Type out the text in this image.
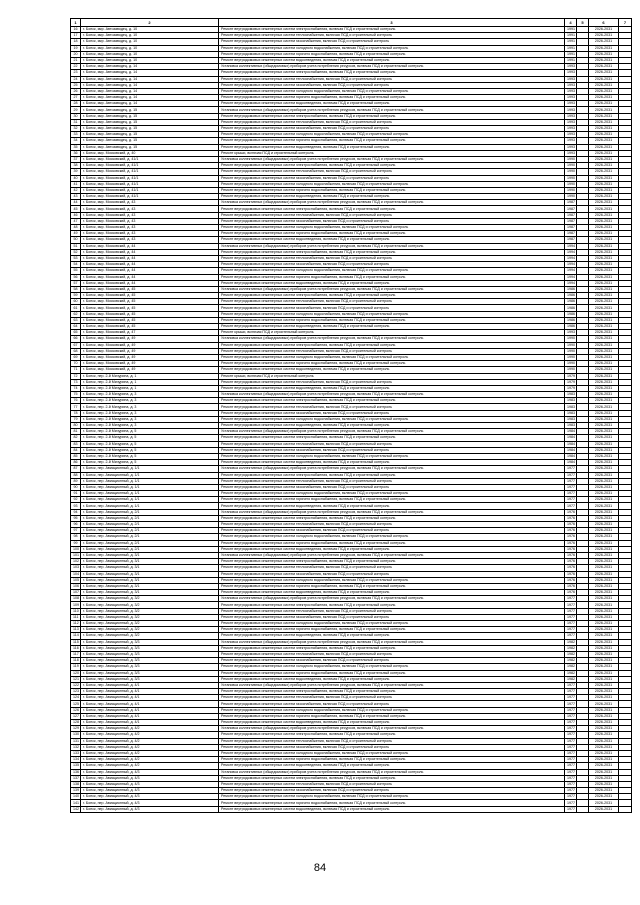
1	2	3	4	5	6	7
16	г. Бонск, мкр. Автозаводец, д. 10	Ремонт внутридомовых инженерных систем электроснабжения, включая ПСД и строительный контроль	1991		2026-2031	
17	г. Бонск, мкр. Автозаводец, д. 10	Ремонт внутридомовых инженерных систем теплоснабжения, включая ПСД и строительный контроль	1991		2026-2031	
18	г. Бонск, мкр. Автозаводец, д. 10	Ремонт внутридомовых инженерных систем газоснабжения, включая ПСД и строительный контроль	1991		2026-2031	
19	г. Бонск, мкр. Автозаводец, д. 10	Ремонт внутридомовых инженерных систем холодного водоснабжения, включая ПСД и строительный контроль	1991		2026-2031	
20	г. Бонск, мкр. Автозаводец, д. 10	Ремонт внутридомовых инженерных систем горячего водоснабжения, включая ПСД и строительный контроль	1991		2026-2031	
21	г. Бонск, мкр. Автозаводец, д. 10	Ремонт внутридомовых инженерных систем водоотведения, включая ПСД и строительный контроль	1991		2026-2031	
22	г. Бонск, мкр. Автозаводец, д. 14	Установка коллективных (общедомовых) приборов учета потребления ресурсов, включая ПСД и строительный контроль	1993		2026-2031	
23	г. Бонск, мкр. Автозаводец, д. 14	Ремонт внутридомовых инженерных систем электроснабжения, включая ПСД и строительный контроль	1993		2026-2031	
24	г. Бонск, мкр. Автозаводец, д. 14	Ремонт внутридомовых инженерных систем теплоснабжения, включая ПСД и строительный контроль	1993		2026-2031	
25	г. Бонск, мкр. Автозаводец, д. 14	Ремонт внутридомовых инженерных систем газоснабжения, включая ПСД и строительный контроль	1993		2026-2031	
26	г. Бонск, мкр. Автозаводец, д. 14	Ремонт внутридомовых инженерных систем холодного водоснабжения, включая ПСД и строительный контроль	1993		2026-2031	
27	г. Бонск, мкр. Автозаводец, д. 14	Ремонт внутридомовых инженерных систем горячего водоснабжения, включая ПСД и строительный контроль	1993		2026-2031	
28	г. Бонск, мкр. Автозаводец, д. 14	Ремонт внутридомовых инженерных систем водоотведения, включая ПСД и строительный контроль	1993		2026-2031	
29	г. Бонск, мкр. Автозаводец, д. 15	Установка коллективных (общедомовых) приборов учета потребления ресурсов, включая ПСД и строительный контроль	1993		2026-2031	
30	г. Бонск, мкр. Автозаводец, д. 15	Ремонт внутридомовых инженерных систем электроснабжения, включая ПСД и строительный контроль	1993		2026-2031	
31	г. Бонск, мкр. Автозаводец, д. 15	Ремонт внутридомовых инженерных систем теплоснабжения, включая ПСД и строительный контроль	1993		2026-2031	
32	г. Бонск, мкр. Автозаводец, д. 15	Ремонт внутридомовых инженерных систем газоснабжения, включая ПСД и строительный контроль	1993		2026-2031	
33	г. Бонск, мкр. Автозаводец, д. 15	Ремонт внутридомовых инженерных систем холодного водоснабжения, включая ПСД и строительный контроль	1993		2026-2031	
34	г. Бонск, мкр. Автозаводец, д. 15	Ремонт внутридомовых инженерных систем горячего водоснабжения, включая ПСД и строительный контроль	1993		2026-2031	
35	г. Бонск, мкр. Автозаводец, д. 15	Ремонт внутридомовых инженерных систем водоотведения, включая ПСД и строительный контроль	1993		2026-2031	
36	г. Бонск, мкр. Московский, д. 40	Ремонт крыши, включая ПСД и строительный контроль	1993		2026-2031	
37	г. Бонск, мкр. Московский, д. 41/1	Установка коллективных (общедомовых) приборов учета потребления ресурсов, включая ПСД и строительный контроль	1990		2026-2031	
38	г. Бонск, мкр. Московский, д. 41/1	Ремонт внутридомовых инженерных систем электроснабжения, включая ПСД и строительный контроль	1990		2026-2031	
39	г. Бонск, мкр. Московский, д. 41/1	Ремонт внутридомовых инженерных систем теплоснабжения, включая ПСД и строительный контроль	1990		2026-2031	
40	г. Бонск, мкр. Московский, д. 41/1	Ремонт внутридомовых инженерных систем газоснабжения, включая ПСД и строительный контроль	1990		2026-2031	
41	г. Бонск, мкр. Московский, д. 41/1	Ремонт внутридомовых инженерных систем холодного водоснабжения, включая ПСД и строительный контроль	1990		2026-2031	
42	г. Бонск, мкр. Московский, д. 41/1	Ремонт внутридомовых инженерных систем горячего водоснабжения, включая ПСД и строительный контроль	1990		2026-2031	
43	г. Бонск, мкр. Московский, д. 41/1	Ремонт внутридомовых инженерных систем водоотведения, включая ПСД и строительный контроль	1990		2026-2031	
44	г. Бонск, мкр. Московский, д. 43	Установка коллективных (общедомовых) приборов учета потребления ресурсов, включая ПСД и строительный контроль	1987		2026-2031	
45	г. Бонск, мкр. Московский, д. 43	Ремонт внутридомовых инженерных систем электроснабжения, включая ПСД и строительный контроль	1987		2026-2031	
46	г. Бонск, мкр. Московский, д. 43	Ремонт внутридомовых инженерных систем теплоснабжения, включая ПСД и строительный контроль	1987		2026-2031	
47	г. Бонск, мкр. Московский, д. 43	Ремонт внутридомовых инженерных систем газоснабжения, включая ПСД и строительный контроль	1987		2026-2031	
48	г. Бонск, мкр. Московский, д. 43	Ремонт внутридомовых инженерных систем холодного водоснабжения, включая ПСД и строительный контроль	1987		2026-2031	
49	г. Бонск, мкр. Московский, д. 43	Ремонт внутридомовых инженерных систем горячего водоснабжения, включая ПСД и строительный контроль	1987		2026-2031	
50	г. Бонск, мкр. Московский, д. 43	Ремонт внутридомовых инженерных систем водоотведения, включая ПСД и строительный контроль	1987		2026-2031	
51	г. Бонск, мкр. Московский, д. 44	Установка коллективных (общедомовых) приборов учета потребления ресурсов, включая ПСД и строительный контроль	1994		2026-2031	
52	г. Бонск, мкр. Московский, д. 44	Ремонт внутридомовых инженерных систем электроснабжения, включая ПСД и строительный контроль	1994		2026-2031	
53	г. Бонск, мкр. Московский, д. 44	Ремонт внутридомовых инженерных систем теплоснабжения, включая ПСД и строительный контроль	1994		2026-2031	
54	г. Бонск, мкр. Московский, д. 44	Ремонт внутридомовых инженерных систем газоснабжения, включая ПСД и строительный контроль	1994		2026-2031	
55	г. Бонск, мкр. Московский, д. 44	Ремонт внутридомовых инженерных систем холодного водоснабжения, включая ПСД и строительный контроль	1994		2026-2031	
56	г. Бонск, мкр. Московский, д. 44	Ремонт внутридомовых инженерных систем горячего водоснабжения, включая ПСД и строительный контроль	1994		2026-2031	
57	г. Бонск, мкр. Московский, д. 44	Ремонт внутридомовых инженерных систем водоотведения, включая ПСД и строительный контроль	1994		2026-2031	
58	г. Бонск, мкр. Московский, д. 45	Установка коллективных (общедомовых) приборов учета потребления ресурсов, включая ПСД и строительный контроль	1986		2026-2031	
59	г. Бонск, мкр. Московский, д. 45	Ремонт внутридомовых инженерных систем электроснабжения, включая ПСД и строительный контроль	1986		2026-2031	
60	г. Бонск, мкр. Московский, д. 45	Ремонт внутридомовых инженерных систем теплоснабжения, включая ПСД и строительный контроль	1986		2026-2031	
61	г. Бонск, мкр. Московский, д. 45	Ремонт внутридомовых инженерных систем газоснабжения, включая ПСД и строительный контроль	1986		2026-2031	
62	г. Бонск, мкр. Московский, д. 45	Ремонт внутридомовых инженерных систем холодного водоснабжения, включая ПСД и строительный контроль	1986		2026-2031	
63	г. Бонск, мкр. Московский, д. 45	Ремонт внутридомовых инженерных систем горячего водоснабжения, включая ПСД и строительный контроль	1986		2026-2031	
64	г. Бонск, мкр. Московский, д. 45	Ремонт внутридомовых инженерных систем водоотведения, включая ПСД и строительный контроль	1986		2026-2031	
65	г. Бонск, мкр. Московский, д. 47	Ремонт крыши, включая ПСД и строительный контроль	1993		2026-2031	
66	г. Бонск, мкр. Московский, д. 49	Установка коллективных (общедомовых) приборов учета потребления ресурсов, включая ПСД и строительный контроль	1990		2026-2031	
67	г. Бонск, мкр. Московский, д. 49	Ремонт внутридомовых инженерных систем электроснабжения, включая ПСД и строительный контроль	1990		2026-2031	
68	г. Бонск, мкр. Московский, д. 49	Ремонт внутридомовых инженерных систем теплоснабжения, включая ПСД и строительный контроль	1990		2026-2031	
69	г. Бонск, мкр. Московский, д. 49	Ремонт внутридомовых инженерных систем холодного водоснабжения, включая ПСД и строительный контроль	1990		2026-2031	
70	г. Бонск, мкр. Московский, д. 49	Ремонт внутридомовых инженерных систем горячего водоснабжения, включая ПСД и строительный контроль	1990		2026-2031	
71	г. Бонск, мкр. Московский, д. 49	Ремонт внутридомовых инженерных систем водоотведения, включая ПСД и строительный контроль	1990		2026-2031	
72	г. Бонск, пер. 2-й Мичурина, д. 1	Ремонт крыши, включая ПСД и строительный контроль	1979		2026-2031	
73	г. Бонск, пер. 2-й Мичурина, д. 1	Ремонт внутридомовых инженерных систем теплоснабжения, включая ПСД и строительный контроль	1979		2026-2031	
74	г. Бонск, пер. 2-й Мичурина, д. 1	Ремонт внутридомовых инженерных систем водоотведения, включая ПСД и строительный контроль	1979		2026-2031	
75	г. Бонск, пер. 2-й Мичурина, д. 3	Установка коллективных (общедомовых) приборов учета потребления ресурсов, включая ПСД и строительный контроль	1983		2026-2031	
76	г. Бонск, пер. 2-й Мичурина, д. 3	Ремонт внутридомовых инженерных систем электроснабжения, включая ПСД и строительный контроль	1983		2026-2031	
77	г. Бонск, пер. 2-й Мичурина, д. 3	Ремонт внутридомовых инженерных систем теплоснабжения, включая ПСД и строительный контроль	1983		2026-2031	
78	г. Бонск, пер. 2-й Мичурина, д. 3	Ремонт внутридомовых инженерных систем газоснабжения, включая ПСД и строительный контроль	1983		2026-2031	
79	г. Бонск, пер. 2-й Мичурина, д. 3	Ремонт внутридомовых инженерных систем холодного водоснабжения, включая ПСД и строительный контроль	1983		2026-2031	
80	г. Бонск, пер. 2-й Мичурина, д. 3	Ремонт внутридомовых инженерных систем водоотведения, включая ПСД и строительный контроль	1983		2026-2031	
81	г. Бонск, пер. 2-й Мичурина, д. 5	Установка коллективных (общедомовых) приборов учета потребления ресурсов, включая ПСД и строительный контроль	1984		2026-2031	
82	г. Бонск, пер. 2-й Мичурина, д. 5	Ремонт внутридомовых инженерных систем электроснабжения, включая ПСД и строительный контроль	1984		2026-2031	
83	г. Бонск, пер. 2-й Мичурина, д. 5	Ремонт внутридомовых инженерных систем теплоснабжения, включая ПСД и строительный контроль	1984		2026-2031	
84	г. Бонск, пер. 2-й Мичурина, д. 5	Ремонт внутридомовых инженерных систем газоснабжения, включая ПСД и строительный контроль	1984		2026-2031	
85	г. Бонск, пер. 2-й Мичурина, д. 5	Ремонт внутридомовых инженерных систем холодного водоснабжения, включая ПСД и строительный контроль	1984		2026-2031	
86	г. Бонск, пер. 2-й Мичурина, д. 5	Ремонт внутридомовых инженерных систем водоотведения, включая ПСД и строительный контроль	1984		2026-2031	
87	г. Бонск, пер. Авиационный, д. 1/1	Установка коллективных (общедомовых) приборов учета потребления ресурсов, включая ПСД и строительный контроль	1977		2026-2031	
88	г. Бонск, пер. Авиационный, д. 1/1	Ремонт внутридомовых инженерных систем электроснабжения, включая ПСД и строительный контроль	1977		2026-2031	
89	г. Бонск, пер. Авиационный, д. 1/1	Ремонт внутридомовых инженерных систем теплоснабжения, включая ПСД и строительный контроль	1977		2026-2031	
90	г. Бонск, пер. Авиационный, д. 1/1	Ремонт внутридомовых инженерных систем газоснабжения, включая ПСД и строительный контроль	1977		2026-2031	
91	г. Бонск, пер. Авиационный, д. 1/1	Ремонт внутридомовых инженерных систем холодного водоснабжения, включая ПСД и строительный контроль	1977		2026-2031	
92	г. Бонск, пер. Авиационный, д. 1/1	Ремонт внутридомовых инженерных систем горячего водоснабжения, включая ПСД и строительный контроль	1977		2026-2031	
93	г. Бонск, пер. Авиационный, д. 1/1	Ремонт внутридомовых инженерных систем водоотведения, включая ПСД и строительный контроль	1977		2026-2031	
94	г. Бонск, пер. Авиационный, д. 2/1	Установка коллективных (общедомовых) приборов учета потребления ресурсов, включая ПСД и строительный контроль	1976		2026-2031	
95	г. Бонск, пер. Авиационный, д. 2/1	Ремонт внутридомовых инженерных систем электроснабжения, включая ПСД и строительный контроль	1976		2026-2031	
96	г. Бонск, пер. Авиационный, д. 2/1	Ремонт внутридомовых инженерных систем теплоснабжения, включая ПСД и строительный контроль	1976		2026-2031	
97	г. Бонск, пер. Авиационный, д. 2/1	Ремонт внутридомовых инженерных систем газоснабжения, включая ПСД и строительный контроль	1976		2026-2031	
98	г. Бонск, пер. Авиационный, д. 2/1	Ремонт внутридомовых инженерных систем холодного водоснабжения, включая ПСД и строительный контроль	1976		2026-2031	
99	г. Бонск, пер. Авиационный, д. 2/1	Ремонт внутридомовых инженерных систем горячего водоснабжения, включая ПСД и строительный контроль	1976		2026-2031	
100	г. Бонск, пер. Авиационный, д. 2/1	Ремонт внутридомовых инженерных систем водоотведения, включая ПСД и строительный контроль	1976		2026-2031	
101	г. Бонск, пер. Авиационный, д. 3/1	Установка коллективных (общедомовых) приборов учета потребления ресурсов, включая ПСД и строительный контроль	1976		2026-2031	
102	г. Бонск, пер. Авиационный, д. 3/1	Ремонт внутридомовых инженерных систем электроснабжения, включая ПСД и строительный контроль	1976		2026-2031	
103	г. Бонск, пер. Авиационный, д. 3/1	Ремонт внутридомовых инженерных систем теплоснабжения, включая ПСД и строительный контроль	1976		2026-2031	
104	г. Бонск, пер. Авиационный, д. 3/1	Ремонт внутридомовых инженерных систем газоснабжения, включая ПСД и строительный контроль	1976		2026-2031	
105	г. Бонск, пер. Авиационный, д. 3/1	Ремонт внутридомовых инженерных систем холодного водоснабжения, включая ПСД и строительный контроль	1976		2026-2031	
106	г. Бонск, пер. Авиационный, д. 3/1	Ремонт внутридомовых инженерных систем горячего водоснабжения, включая ПСД и строительный контроль	1976		2026-2031	
107	г. Бонск, пер. Авиационный, д. 3/1	Ремонт внутридомовых инженерных систем водоотведения, включая ПСД и строительный контроль	1976		2026-2031	
108	г. Бонск, пер. Авиационный, д. 3/2	Установка коллективных (общедомовых) приборов учета потребления ресурсов, включая ПСД и строительный контроль	1977		2026-2031	
109	г. Бонск, пер. Авиационный, д. 3/2	Ремонт внутридомовых инженерных систем электроснабжения, включая ПСД и строительный контроль	1977		2026-2031	
110	г. Бонск, пер. Авиационный, д. 3/2	Ремонт внутридомовых инженерных систем теплоснабжения, включая ПСД и строительный контроль	1977		2026-2031	
111	г. Бонск, пер. Авиационный, д. 3/2	Ремонт внутридомовых инженерных систем газоснабжения, включая ПСД и строительный контроль	1977		2026-2031	
112	г. Бонск, пер. Авиационный, д. 3/2	Ремонт внутридомовых инженерных систем холодного водоснабжения, включая ПСД и строительный контроль	1977		2026-2031	
113	г. Бонск, пер. Авиационный, д. 3/2	Ремонт внутридомовых инженерных систем горячего водоснабжения, включая ПСД и строительный контроль	1977		2026-2031	
114	г. Бонск, пер. Авиационный, д. 3/2	Ремонт внутридомовых инженерных систем водоотведения, включая ПСД и строительный контроль	1977		2026-2031	
115	г. Бонск, пер. Авиационный, д. 3/3	Установка коллективных (общедомовых) приборов учета потребления ресурсов, включая ПСД и строительный контроль	1982		2026-2031	
116	г. Бонск, пер. Авиационный, д. 3/3	Ремонт внутридомовых инженерных систем электроснабжения, включая ПСД и строительный контроль	1982		2026-2031	
117	г. Бонск, пер. Авиационный, д. 3/3	Ремонт внутридомовых инженерных систем теплоснабжения, включая ПСД и строительный контроль	1982		2026-2031	
118	г. Бонск, пер. Авиационный, д. 3/3	Ремонт внутридомовых инженерных систем газоснабжения, включая ПСД и строительный контроль	1982		2026-2031	
119	г. Бонск, пер. Авиационный, д. 3/3	Ремонт внутридомовых инженерных систем холодного водоснабжения, включая ПСД и строительный контроль	1982		2026-2031	
120	г. Бонск, пер. Авиационный, д. 3/3	Ремонт внутридомовых инженерных систем горячего водоснабжения, включая ПСД и строительный контроль	1982		2026-2031	
121	г. Бонск, пер. Авиационный, д. 3/3	Ремонт внутридомовых инженерных систем водоотведения, включая ПСД и строительный контроль	1982		2026-2031	
122	г. Бонск, пер. Авиационный, д. 4/1	Установка коллективных (общедомовых) приборов учета потребления ресурсов, включая ПСД и строительный контроль	1977		2026-2031	
123	г. Бонск, пер. Авиационный, д. 4/1	Ремонт внутридомовых инженерных систем электроснабжения, включая ПСД и строительный контроль	1977		2026-2031	
124	г. Бонск, пер. Авиационный, д. 4/1	Ремонт внутридомовых инженерных систем теплоснабжения, включая ПСД и строительный контроль	1977		2026-2031	
125	г. Бонск, пер. Авиационный, д. 4/1	Ремонт внутридомовых инженерных систем газоснабжения, включая ПСД и строительный контроль	1977		2026-2031	
126	г. Бонск, пер. Авиационный, д. 4/1	Ремонт внутридомовых инженерных систем холодного водоснабжения, включая ПСД и строительный контроль	1977		2026-2031	
127	г. Бонск, пер. Авиационный, д. 4/1	Ремонт внутридомовых инженерных систем горячего водоснабжения, включая ПСД и строительный контроль	1977		2026-2031	
128	г. Бонск, пер. Авиационный, д. 4/1	Ремонт внутридомовых инженерных систем водоотведения, включая ПСД и строительный контроль	1977		2026-2031	
129	г. Бонск, пер. Авиационный, д. 4/2	Установка коллективных (общедомовых) приборов учета потребления ресурсов, включая ПСД и строительный контроль	1977		2026-2031	
130	г. Бонск, пер. Авиационный, д. 4/2	Ремонт внутридомовых инженерных систем электроснабжения, включая ПСД и строительный контроль	1977		2026-2031	
131	г. Бонск, пер. Авиационный, д. 4/2	Ремонт внутридомовых инженерных систем теплоснабжения, включая ПСД и строительный контроль	1977		2026-2031	
132	г. Бонск, пер. Авиационный, д. 4/2	Ремонт внутридомовых инженерных систем газоснабжения, включая ПСД и строительный контроль	1977		2026-2031	
133	г. Бонск, пер. Авиационный, д. 4/2	Ремонт внутридомовых инженерных систем холодного водоснабжения, включая ПСД и строительный контроль	1977		2026-2031	
134	г. Бонск, пер. Авиационный, д. 4/2	Ремонт внутридомовых инженерных систем горячего водоснабжения, включая ПСД и строительный контроль	1977		2026-2031	
135	г. Бонск, пер. Авиационный, д. 4/2	Ремонт внутридомовых инженерных систем водоотведения, включая ПСД и строительный контроль	1977		2026-2031	
136	г. Бонск, пер. Авиационный, д. 4/3	Установка коллективных (общедомовых) приборов учета потребления ресурсов, включая ПСД и строительный контроль	1977		2026-2031	
137	г. Бонск, пер. Авиационный, д. 4/3	Ремонт внутридомовых инженерных систем электроснабжения, включая ПСД и строительный контроль	1977		2026-2031	
138	г. Бонск, пер. Авиационный, д. 4/3	Ремонт внутридомовых инженерных систем теплоснабжения, включая ПСД и строительный контроль	1977		2026-2031	
139	г. Бонск, пер. Авиационный, д. 4/3	Ремонт внутридомовых инженерных систем газоснабжения, включая ПСД и строительный контроль	1977		2026-2031	
140	г. Бонск, пер. Авиационный, д. 4/3	Ремонт внутридомовых инженерных систем холодного водоснабжения, включая ПСД и строительный контроль	1977		2026-2031	
141	г. Бонск, пер. Авиационный, д. 4/3	Ремонт внутридомовых инженерных систем горячего водоснабжения, включая ПСД и строительный контроль	1977		2026-2031	
142	г. Бонск, пер. Авиационный, д. 4/3	Ремонт внутридомовых инженерных систем водоотведения, включая ПСД и строительный контроль	1977		2026-2031	
84
